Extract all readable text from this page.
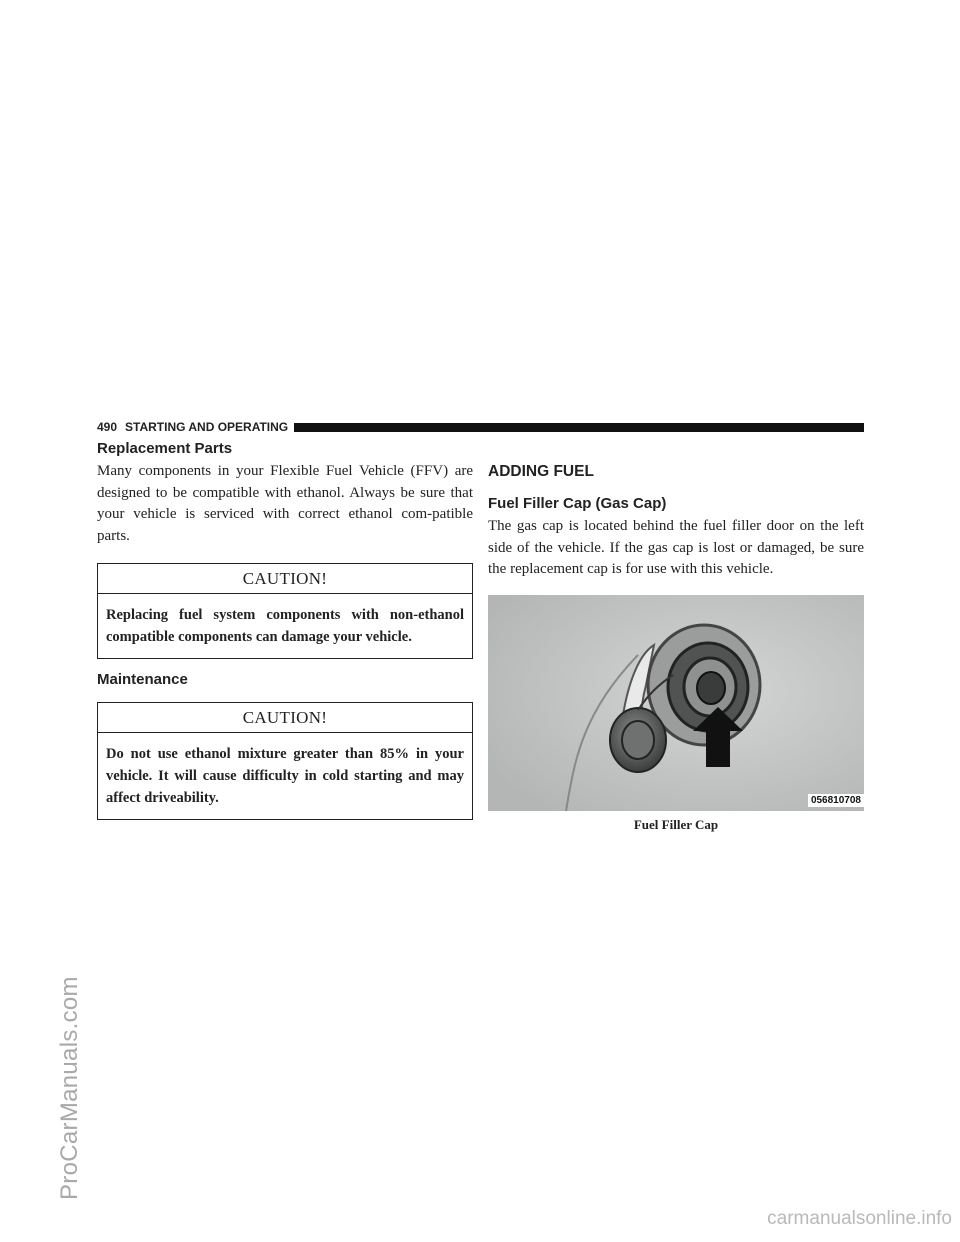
ProCarManuals.com
490 STARTING AND OPERATING
Replacement Parts

Many components in your Flexible Fuel Vehicle (FFV) are designed to be compatible with ethanol. Always be sure that your vehicle is serviced with correct ethanol com-patible parts.

CAUTION!
Replacing fuel system components with non-ethanol compatible components can damage your vehicle.
Maintenance
CAUTION!
Do not use ethanol mixture greater than 85% in your vehicle. It will cause difficulty in cold starting and may affect driveability.
ADDING FUEL
Fuel Filler Cap (Gas Cap)

The gas cap is located behind the fuel filler door on the left side of the vehicle. If the gas cap is lost or damaged, be sure the replacement cap is for use with this vehicle.

056810708
Fuel Filler Cap
carmanualsonline.info
